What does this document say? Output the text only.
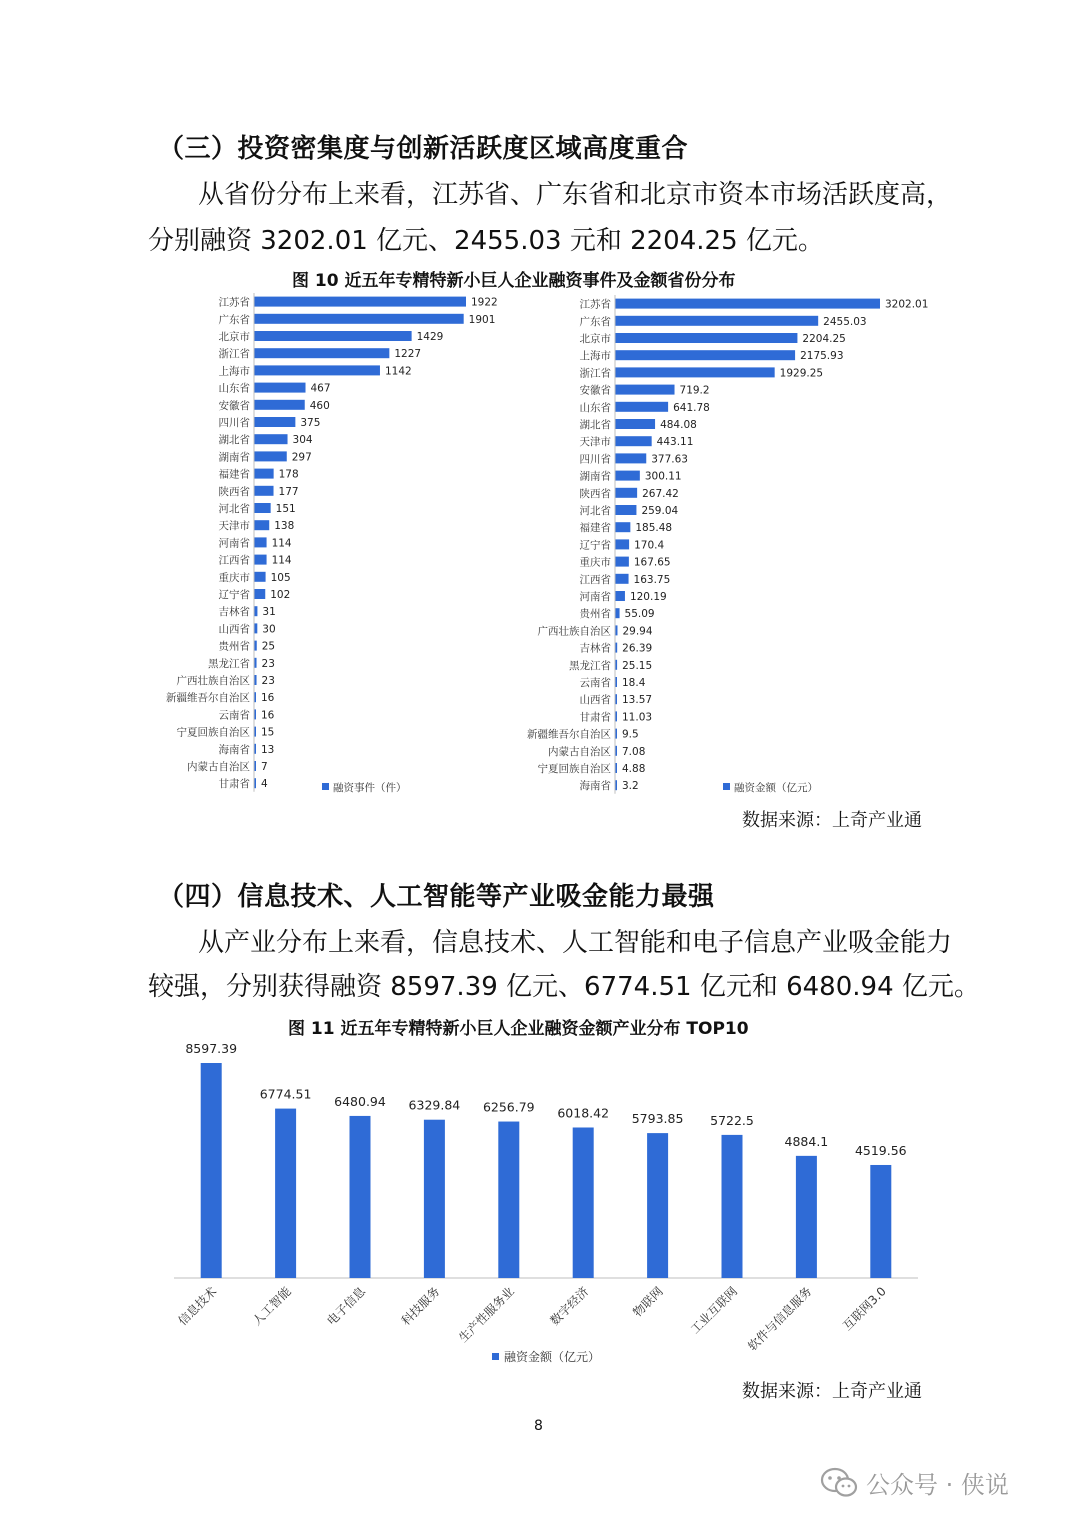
（三）投资密集度与创新活跃度区域高度重合
从省份分布上来看，江苏省、广东省和北京市资本市场活跃度高，
分别融资 3202.01 亿元、2455.03 元和 2204.25 亿元。
图 10 近五年专精特新小巨人企业融资事件及金额省份分布
江苏省	1922
广东省	1901
北京市	1429
浙江省	1227
上海市	1142
山东省	467
安徽省	460
四川省	375
湖北省	304
湖南省	297
福建省	178
陕西省	177
河北省 151
天津市 138
河南省 114
江西省 114
重庆市 105
辽宁省 102
吉林省 31
山西省 30
贵州省 25
黑龙江省 23
广西壮族自治区 23
新疆维吾尔自治区 16
云南省 16
宁夏回族自治区 15
海南省 13
内蒙古自治区 7
甘肃省 4	融资事件（件）
江苏省	3202.01
广东省	2455.03
北京市	2204.25
上海市	2175.93
浙江省	1929.25
安徽省	719.2
山东省	641.78
湖北省	484.08
天津市	443.11
四川省	377.63
湖南省	300.11
陕西省	267.42
河北省	259.04
福建省 185.48
辽宁省 170.4
重庆市 167.65
江西省 163.75
河南省 120.19
贵州省 55.09
广西壮族自治区 29.94
吉林省 26.39
黑龙江省 25.15
云南省 18.4
山西省 13.57
甘肃省 11.03
新疆维吾尔自治区 9.5
内蒙古自治区 7.08
宁夏回族自治区 4.88
海南省 3.2	融资金额（亿元）
数据来源：上奇产业通
（四）信息技术、人工智能等产业吸金能力最强
从产业分布上来看，信息技术、人工智能和电子信息产业吸金能力
较强，分别获得融资 8597.39 亿元、6774.51 亿元和 6480.94 亿元。
图 11 近五年专精特新小巨人企业融资金额产业分布 TOP10
8597.39
信息技术
6774.51
人工智能
6480.94
电子信息
6329.84
科技服务
6256.79
生产性服务业
6018.42
数字经济
5793.85
物联网
5722.5
工业互联网
4884.1
软件与信息服务
4519.56
互联网3.0
融资金额（亿元）
数据来源：上奇产业通
8
公众号 · 侠说
